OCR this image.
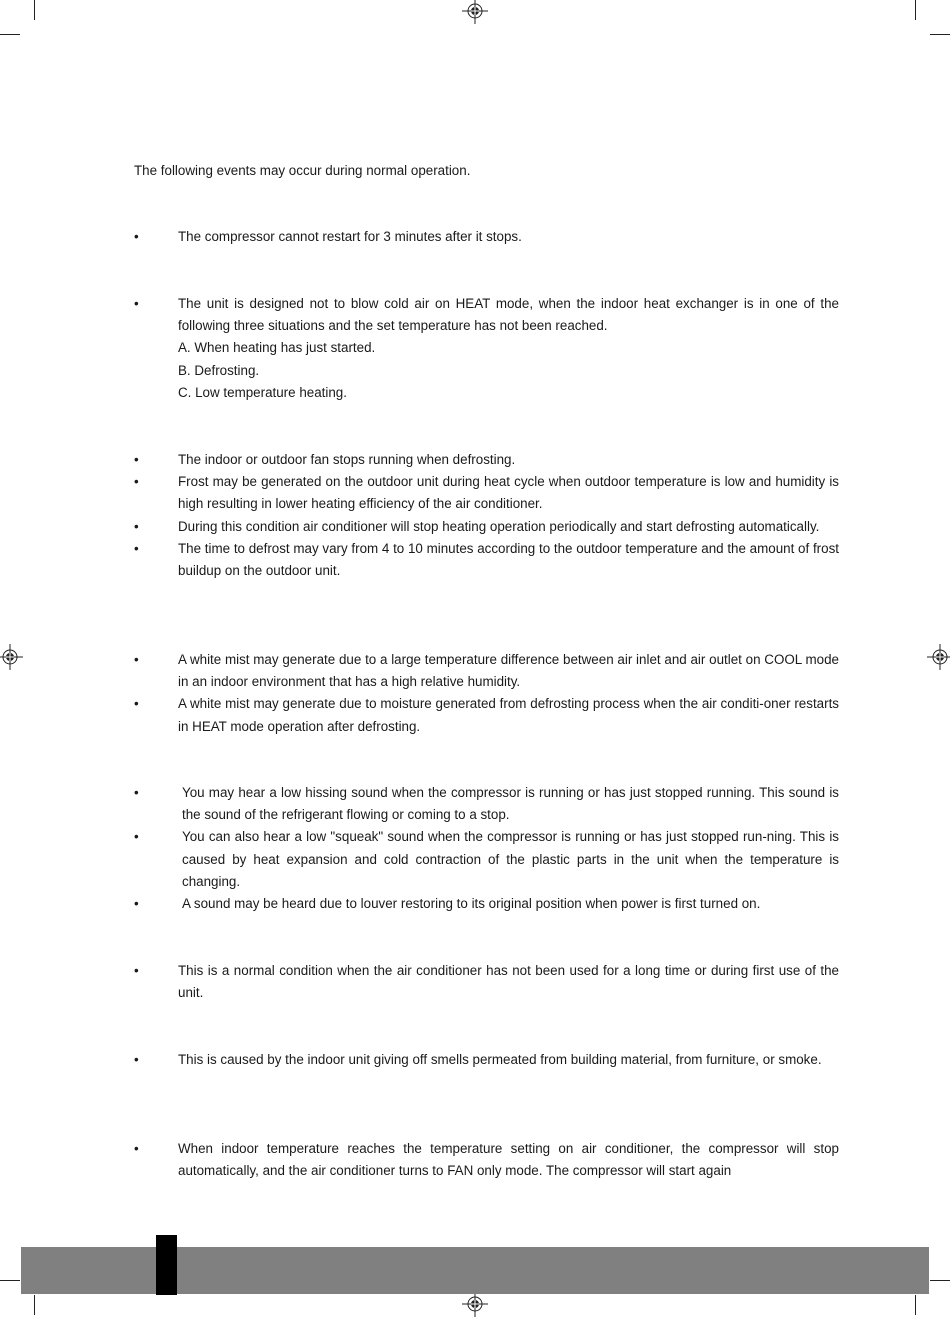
The following events may occur during normal operation.

•	The compressor cannot restart for 3 minutes after it stops.
•	The unit is designed not to blow cold air on HEAT mode, when the indoor heat exchanger is in one of the following three situations and the set temperature has not been reached.
A. When heating has just started.
B. Defrosting.
C. Low temperature heating.
•	The indoor or outdoor fan stops running when defrosting.
•	Frost may be generated on the outdoor unit during heat cycle when outdoor temperature is low and humidity is high resulting in lower heating efficiency of the air conditioner.
•	During this condition air conditioner will stop heating operation periodically and start defrosting automatically.
•	The time to defrost may vary from 4 to 10 minutes according to the outdoor temperature and the amount of frost buildup on the outdoor unit.
•	A white mist may generate due to a large temperature difference between air inlet and air outlet on COOL mode in an indoor environment that has a high relative humidity.
•	A white mist may generate due to moisture generated from defrosting process when the air conditi-oner restarts in HEAT mode operation after defrosting.
•	You may hear a low hissing sound when the compressor is running or has just stopped running. This sound is the sound of the refrigerant flowing or coming to a stop.
•	You can also hear a low "squeak" sound when the compressor is running or has just stopped run-ning. This is caused by heat expansion and cold contraction of the plastic parts in the unit when the temperature is changing.
•	A sound may be heard due to louver restoring to its original position when power is first turned on.
•	This is a normal condition when the air conditioner has not been used for a long time or during first use of the unit.
•	This is caused by the indoor unit giving off smells permeated from building material, from furniture, or smoke.
•	When indoor temperature reaches the temperature setting on air conditioner, the compressor will stop automatically, and the air conditioner turns to FAN only mode. The compressor will start again
